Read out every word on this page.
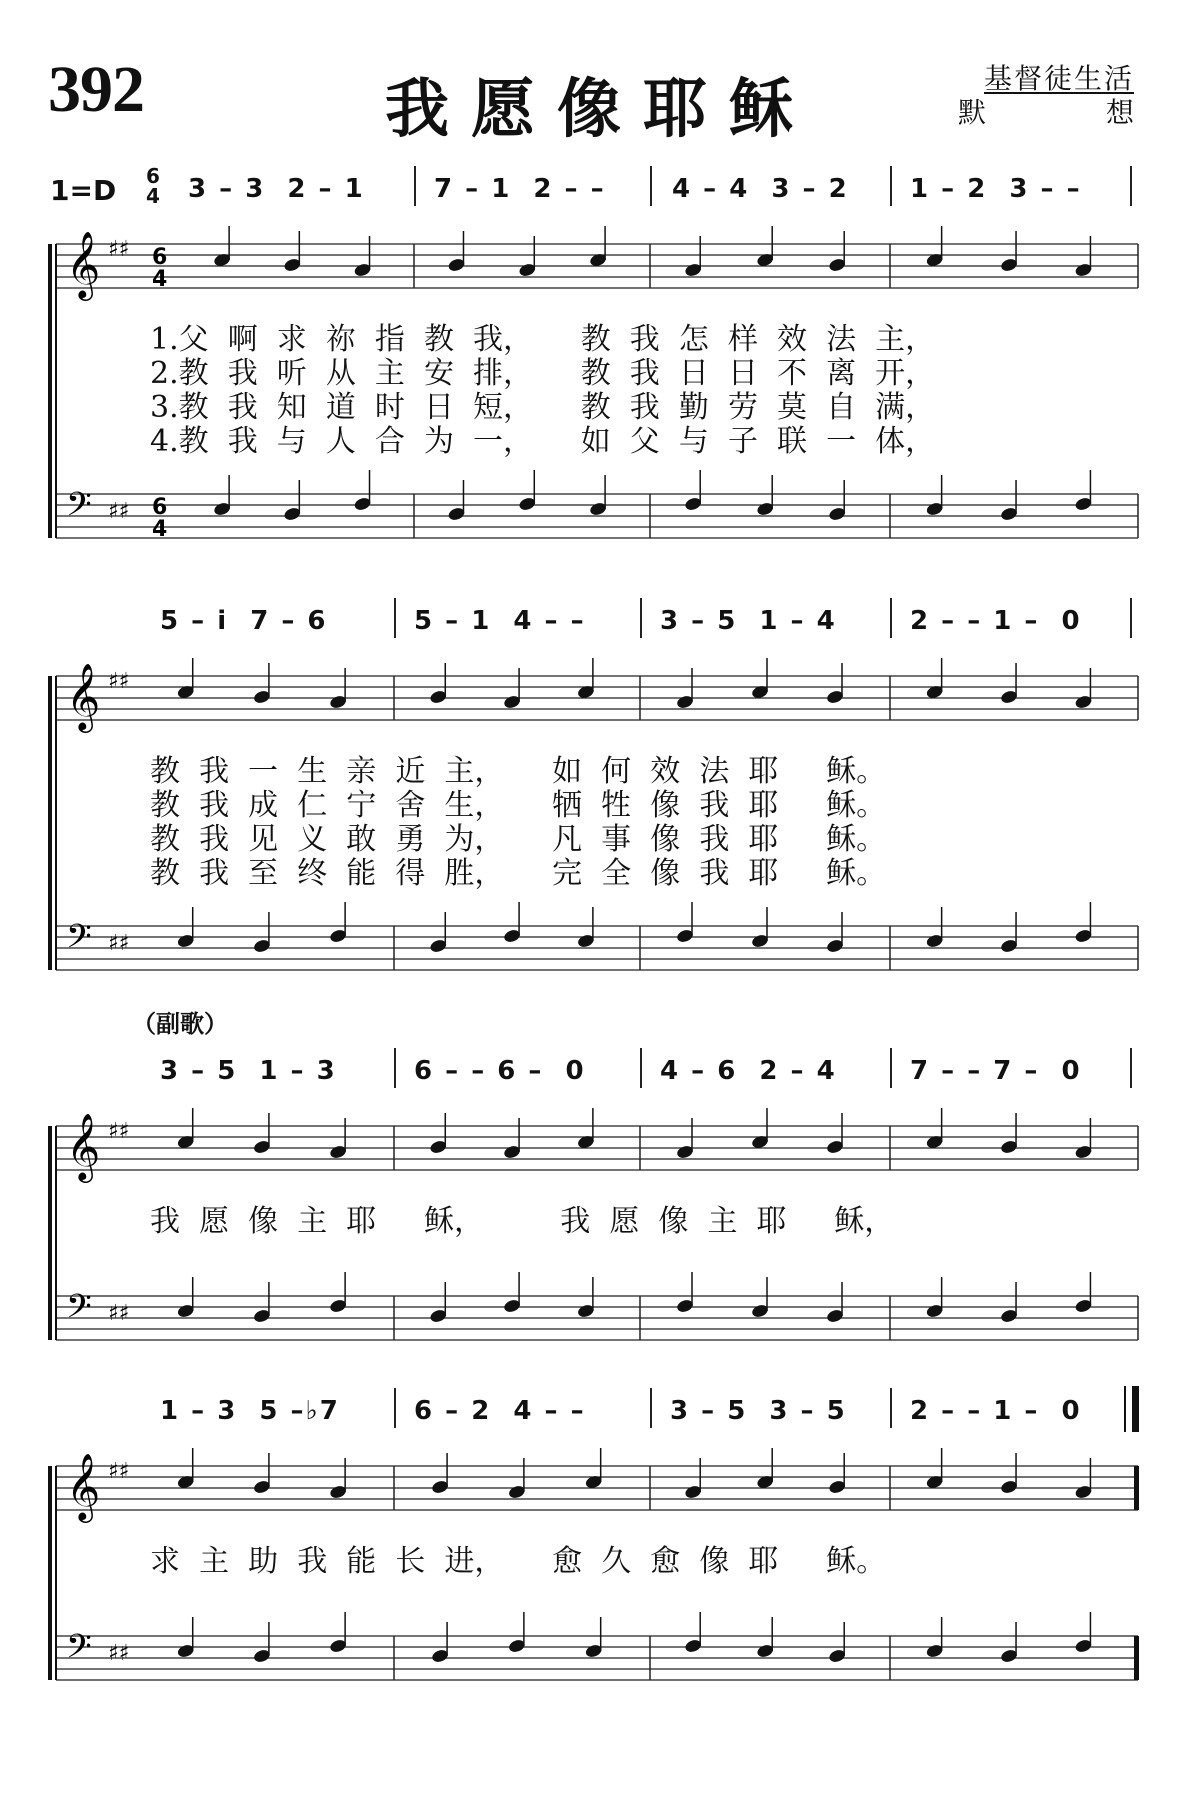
392	我愿像耶稣	基督徒生活
默	想
1=D 6
4 3 – 3  2 – 1	7 – 1  2 – –	4 – 4  3 – 2 1 – 2  3 – –
𝄞 ♯♯ 6
4
𝄢 ♯♯ 6
4
1.父  啊  求  祢  指  教  我，     教  我  怎  样  效  法  主，
2.教  我  听  从  主  安  排，     教  我  日  日  不  离  开，
3.教  我  知  道  时  日  短，     教  我  勤  劳  莫  自  满，
4.教  我  与  人  合  为  一，     如  父  与  子  联  一  体，
5 – i  7 – 6	5 – 1  4 – –	3 – 5  1 – 4	2 – – 1 –  0
𝄞 ♯♯
𝄢 ♯♯
教  我  一  生  亲  近  主，     如  何  效  法  耶     稣。
教  我  成  仁  宁  舍  生，     牺  牲  像  我  耶     稣。
教  我  见  义  敢  勇  为，     凡  事  像  我  耶     稣。
教  我  至  终  能  得  胜，     完  全  像  我  耶     稣。
（副歌）
3 – 5  1 – 3	6 – – 6 –  0	4 – 6  2 – 4	7 – – 7 –  0
𝄞 ♯♯
𝄢 ♯♯
我  愿  像  主  耶     稣，        我  愿  像  主  耶     稣，
1 – 3  5 –♭7	6 – 2  4 – –	3 – 5  3 – 5 2 – – 1 –  0
𝄞 ♯♯
𝄢 ♯♯
求  主  助  我  能  长  进，     愈  久  愈  像  耶     稣。
